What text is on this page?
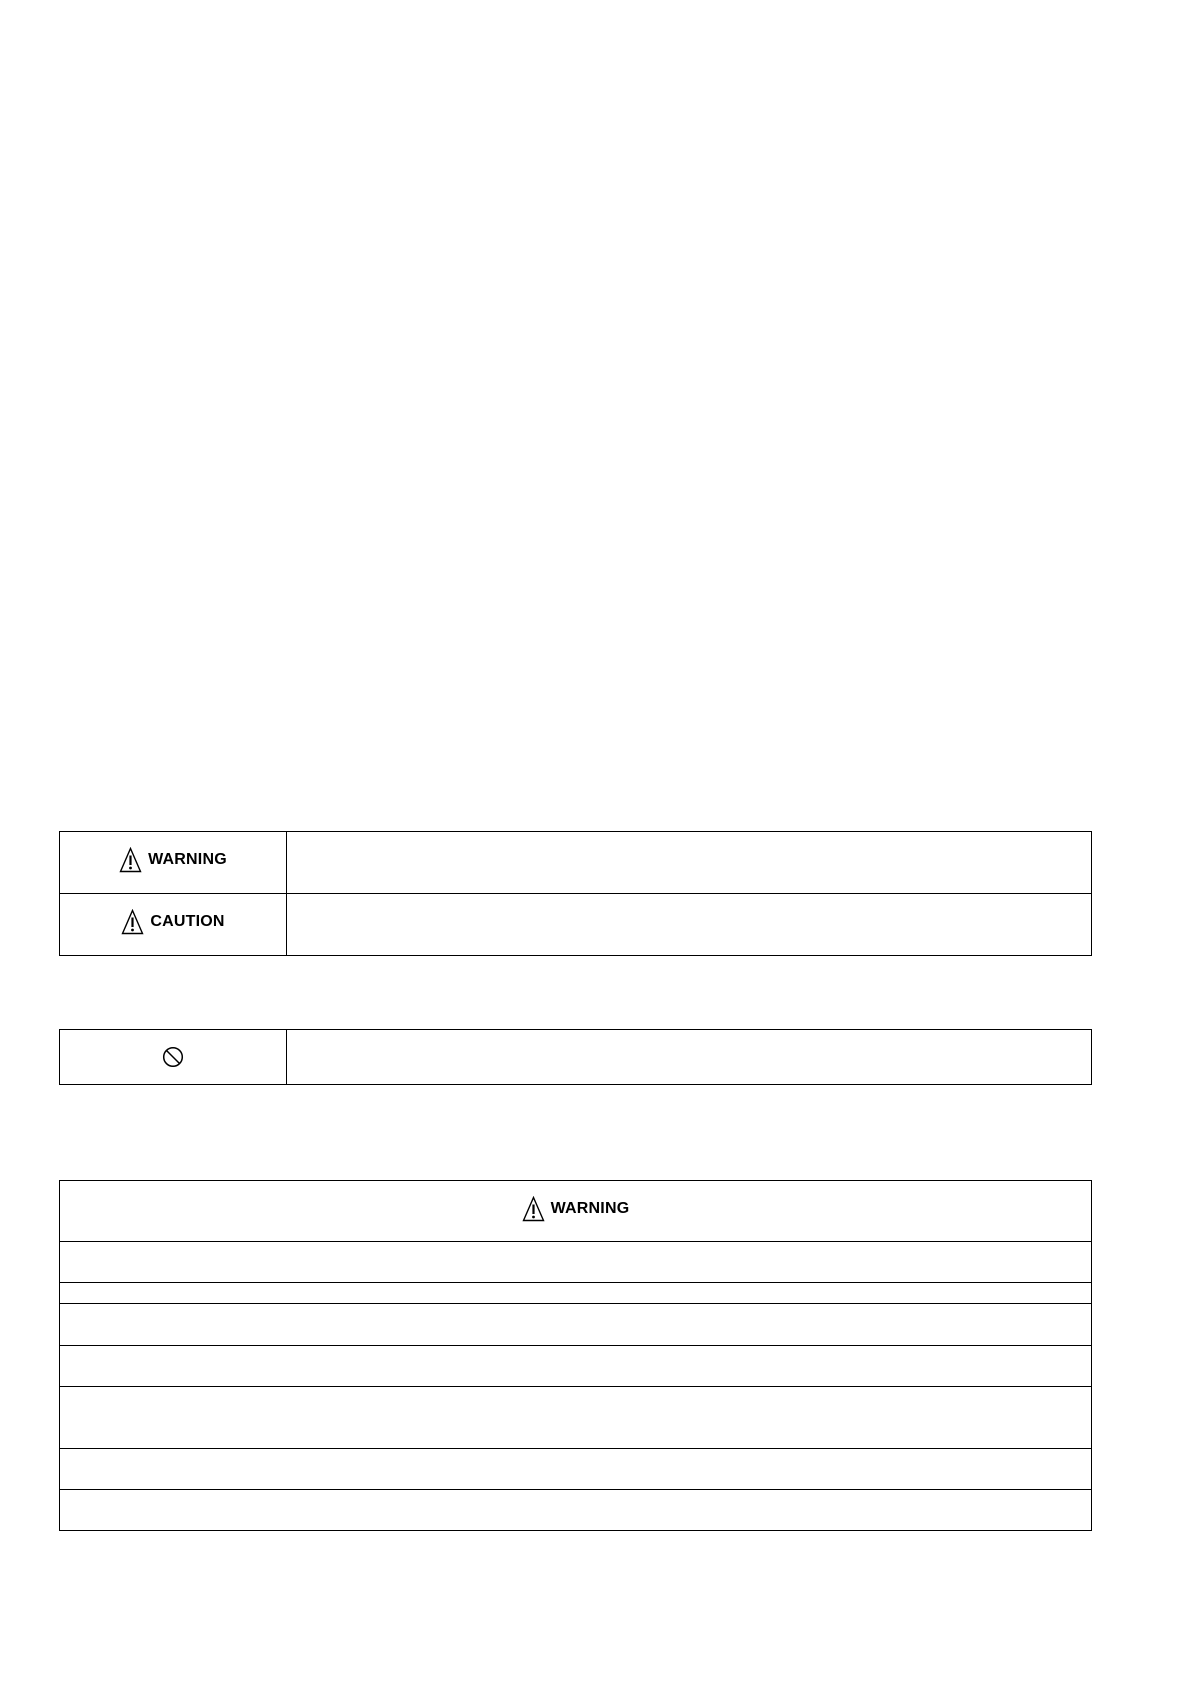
WARNING	

CAUTION	

WARNING
